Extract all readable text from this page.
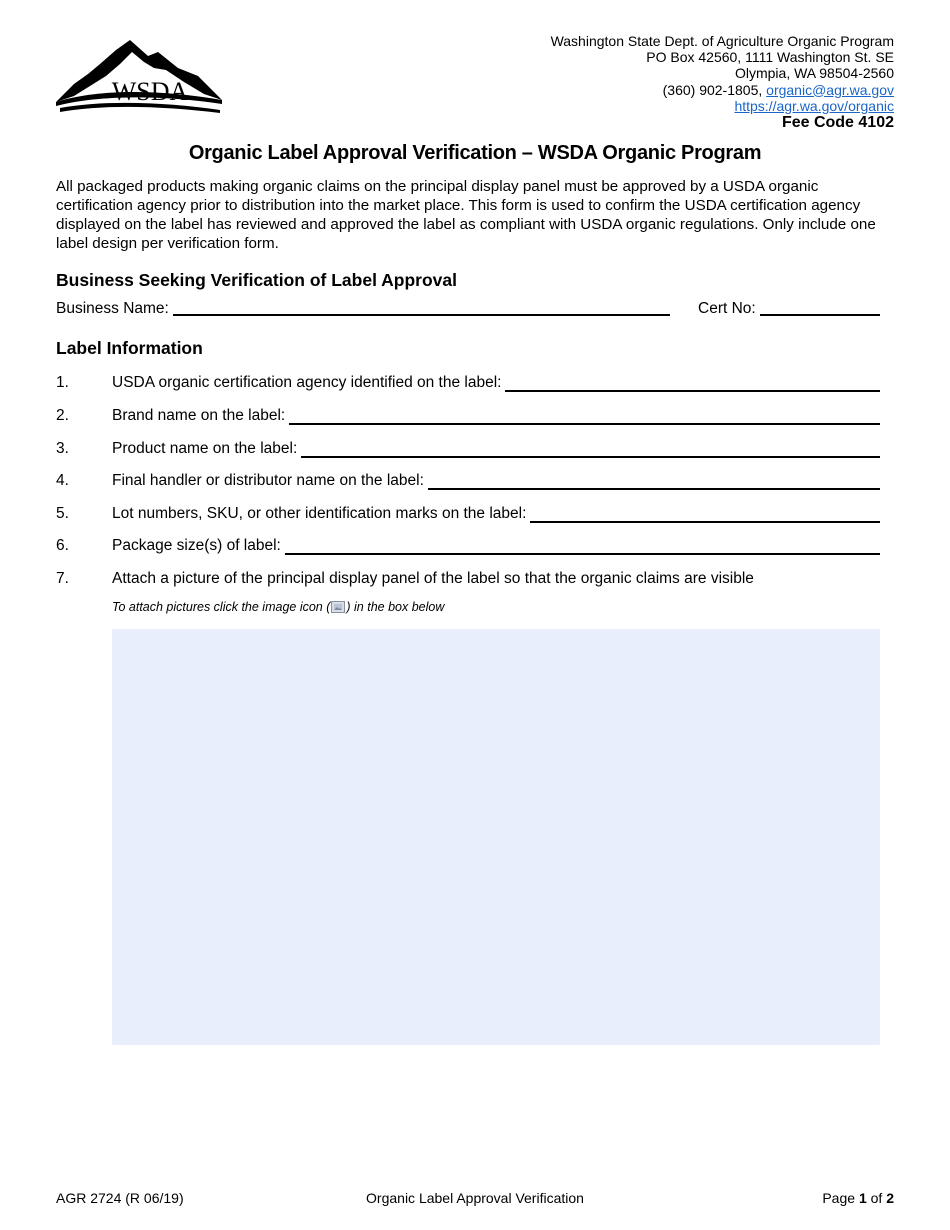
WSDA
Washington State Dept. of Agriculture Organic Program
PO Box 42560, 1111 Washington St. SE
Olympia, WA 98504-2560
(360) 902-1805, organic@agr.wa.gov
https://agr.wa.gov/organic
Fee Code 4102
Organic Label Approval Verification – WSDA Organic Program
All packaged products making organic claims on the principal display panel must be approved by a USDA organic certification agency prior to distribution into the market place. This form is used to confirm the USDA certification agency displayed on the label has reviewed and approved the label as compliant with USDA organic regulations. Only include one label design per verification form.
Business Seeking Verification of Label Approval
Business Name:	Cert No:
Label Information
1.	USDA organic certification agency identified on the label:
2.	Brand name on the label:
3.	Product name on the label:
4.	Final handler or distributor name on the label:
5.	Lot numbers, SKU, or other identification marks on the label:
6.	Package size(s) of label:
7.	Attach a picture of the principal display panel of the label so that the organic claims are visible
To attach pictures click the image icon ( ) in the box below
AGR 2724 (R 06/19)	Organic Label Approval Verification	Page 1 of 2
